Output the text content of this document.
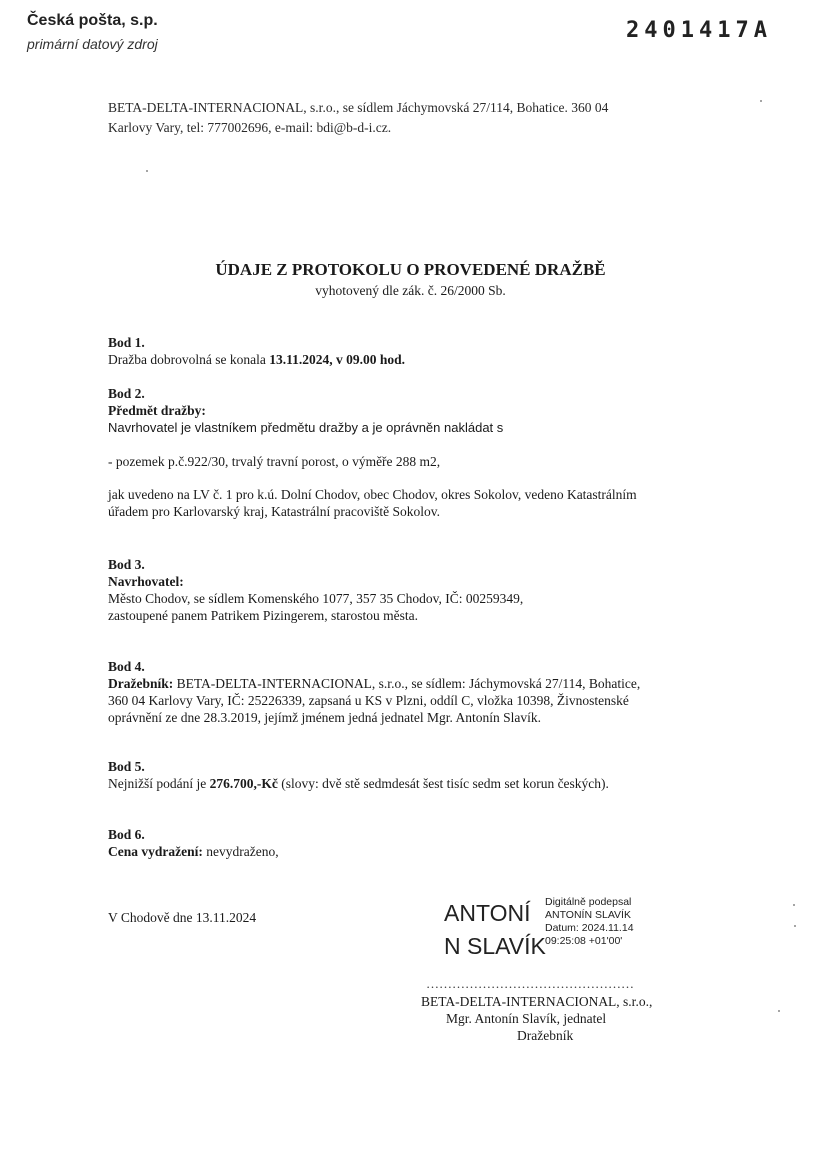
Česká pošta, s.p.
primární datový zdroj
2401417A
BETA-DELTA-INTERNACIONAL, s.r.o., se sídlem Jáchymovská 27/114, Bohatice. 360 04
Karlovy Vary, tel: 777002696, e-mail: bdi@b-d-i.cz.
ÚDAJE Z PROTOKOLU O PROVEDENÉ DRAŽBĚ
vyhotovený dle zák. č. 26/2000 Sb.
Bod 1.
Dražba dobrovolná se konala 13.11.2024, v 09.00 hod.
Bod 2.
Předmět dražby:
Navrhovatel je vlastníkem předmětu dražby a je oprávněn nakládat s
- pozemek p.č.922/30, trvalý travní porost, o výměře 288 m2,
jak uvedeno na LV č. 1 pro k.ú. Dolní Chodov, obec Chodov, okres Sokolov, vedeno Katastrálním
úřadem pro Karlovarský kraj, Katastrální pracoviště Sokolov.
Bod 3.
Navrhovatel:
Město Chodov, se sídlem Komenského 1077, 357 35 Chodov, IČ: 00259349,
zastoupené panem Patrikem Pizingerem, starostou města.
Bod 4.
Dražebník: BETA-DELTA-INTERNACIONAL, s.r.o., se sídlem: Jáchymovská 27/114, Bohatice,
360 04 Karlovy Vary, IČ: 25226339, zapsaná u KS v Plzni, oddíl C, vložka 10398, Živnostenské
oprávnění ze dne 28.3.2019, jejímž jménem jedná jednatel Mgr. Antonín Slavík.
Bod 5.
Nejnižší podání je 276.700,-Kč (slovy: dvě stě sedmdesát šest tisíc sedm set korun českých).
Bod 6.
Cena vydražení: nevydraženo,
V Chodově dne 13.11.2024	ANTONÍ
N SLAVÍK
Digitálně podepsal
ANTONÍN SLAVÍK
Datum: 2024.11.14
09:25:08 +01'00'
…………………………………………
BETA-DELTA-INTERNACIONAL, s.r.o.,
Mgr. Antonín Slavík, jednatel
Dražebník
